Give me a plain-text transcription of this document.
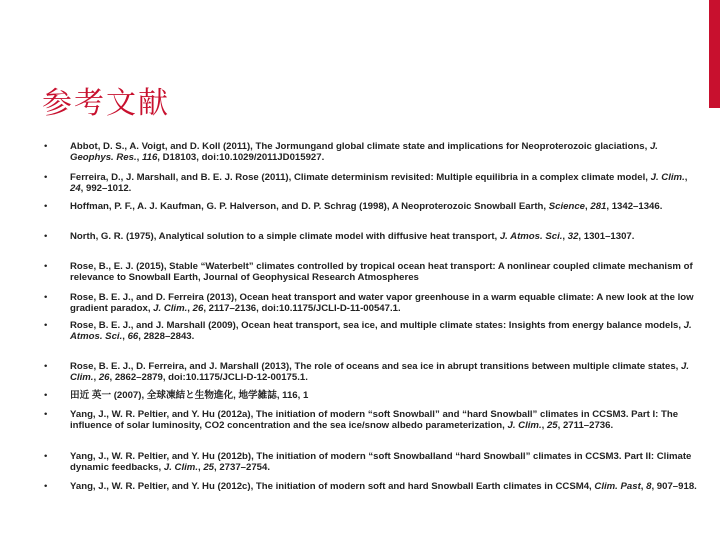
参考文献
• Abbot, D. S., A. Voigt, and D. Koll (2011), The Jormungand global climate state and implications for Neoproterozoic glaciations, J. Geophys. Res., 116, D18103, doi:10.1029/2011JD015927.
• Ferreira, D., J. Marshall, and B. E. J. Rose (2011), Climate determinism revisited: Multiple equilibria in a complex climate model, J. Clim., 24, 992–1012.
• Hoffman, P. F., A. J. Kaufman, G. P. Halverson, and D. P. Schrag (1998), A Neoproterozoic Snowball Earth, Science, 281, 1342–1346.
• North, G. R. (1975), Analytical solution to a simple climate model with diffusive heat transport, J. Atmos. Sci., 32, 1301–1307.
• Rose, B., E. J. (2015), Stable “Waterbelt” climates controlled by tropical ocean heat transport: A nonlinear coupled climate mechanism of relevance to Snowball Earth, Journal of Geophysical Research Atmospheres
• Rose, B. E. J., and D. Ferreira (2013), Ocean heat transport and water vapor greenhouse in a warm equable climate: A new look at the low gradient paradox, J. Clim., 26, 2117–2136, doi:10.1175/JCLI-D-11-00547.1.
• Rose, B. E. J., and J. Marshall (2009), Ocean heat transport, sea ice, and multiple climate states: Insights from energy balance models, J. Atmos. Sci., 66, 2828–2843.
• Rose, B. E. J., D. Ferreira, and J. Marshall (2013), The role of oceans and sea ice in abrupt transitions between multiple climate states, J. Clim., 26, 2862–2879, doi:10.1175/JCLI-D-12-00175.1.
• 田近 英一 (2007), 全球凍結と生物進化, 地学雑誌, 116, 1
• Yang, J., W. R. Peltier, and Y. Hu (2012a), The initiation of modern “soft Snowball” and “hard Snowball” climates in CCSM3. Part I: The influence of solar luminosity, CO2 concentration and the sea ice/snow albedo parameterization, J. Clim., 25, 2711–2736.
• Yang, J., W. R. Peltier, and Y. Hu (2012b), The initiation of modern “soft Snowballand “hard Snowball” climates in CCSM3. Part II: Climate dynamic feedbacks, J. Clim., 25, 2737–2754.
• Yang, J., W. R. Peltier, and Y. Hu (2012c), The initiation of modern soft and hard Snowball Earth climates in CCSM4, Clim. Past, 8, 907–918.
